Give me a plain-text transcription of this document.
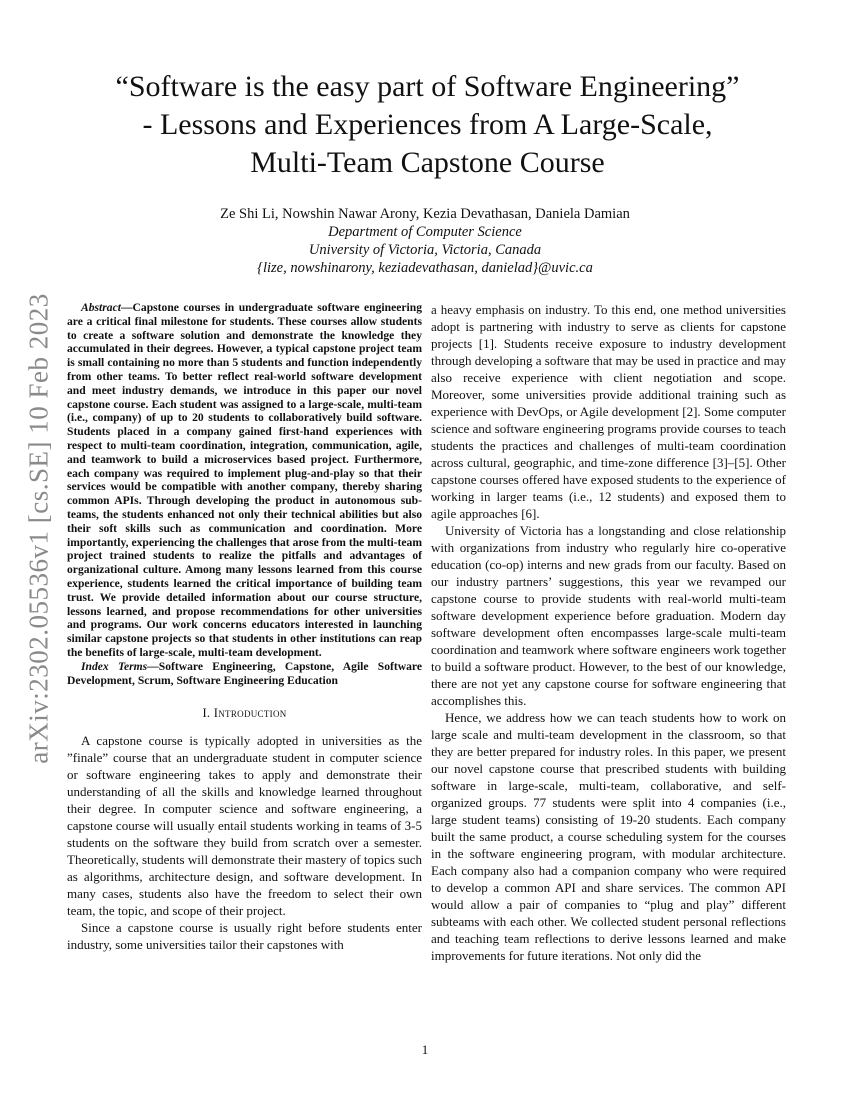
arXiv:2302.05536v1 [cs.SE] 10 Feb 2023
“Software is the easy part of Software Engineering”
- Lessons and Experiences from A Large-Scale,
Multi-Team Capstone Course
Ze Shi Li, Nowshin Nawar Arony, Kezia Devathasan, Daniela Damian
Department of Computer Science
University of Victoria, Victoria, Canada
{lize, nowshinarony, keziadevathasan, danielad}@uvic.ca

Abstract—Capstone courses in undergraduate software engineering are a critical final milestone for students. These courses allow students to create a software solution and demonstrate the knowledge they accumulated in their degrees. However, a typical capstone project team is small containing no more than 5 students and function independently from other teams. To better reflect real-world software development and meet industry demands, we introduce in this paper our novel capstone course. Each student was assigned to a large-scale, multi-team (i.e., company) of up to 20 students to collaboratively build software. Students placed in a company gained first-hand experiences with respect to multi-team coordination, integration, communication, agile, and teamwork to build a microservices based project. Furthermore, each company was required to implement plug-and-play so that their services would be compatible with another company, thereby sharing common APIs. Through developing the product in autonomous sub-teams, the students enhanced not only their technical abilities but also their soft skills such as communication and coordination. More importantly, experiencing the challenges that arose from the multi-team project trained students to realize the pitfalls and advantages of organizational culture. Among many lessons learned from this course experience, students learned the critical importance of building team trust. We provide detailed information about our course structure, lessons learned, and propose recommendations for other universities and programs. Our work concerns educators interested in launching similar capstone projects so that students in other institutions can reap the benefits of large-scale, multi-team development.

Index Terms—Software Engineering, Capstone, Agile Software Development, Scrum, Software Engineering Education

I. Introduction

A capstone course is typically adopted in universities as the ”finale” course that an undergraduate student in computer science or software engineering takes to apply and demonstrate their understanding of all the skills and knowledge learned throughout their degree. In computer science and software engineering, a capstone course will usually entail students working in teams of 3-5 students on the software they build from scratch over a semester. Theoretically, students will demonstrate their mastery of topics such as algorithms, architecture design, and software development. In many cases, students also have the freedom to select their own team, the topic, and scope of their project.

Since a capstone course is usually right before students enter industry, some universities tailor their capstones with

a heavy emphasis on industry. To this end, one method universities adopt is partnering with industry to serve as clients for capstone projects [1]. Students receive exposure to industry development through developing a software that may be used in practice and may also receive experience with client negotiation and scope. Moreover, some universities provide additional training such as experience with DevOps, or Agile development [2]. Some computer science and software engineering programs provide courses to teach students the practices and challenges of multi-team coordination across cultural, geographic, and time-zone difference [3]–[5]. Other capstone courses offered have exposed students to the experience of working in larger teams (i.e., 12 students) and exposed them to agile approaches [6].

University of Victoria has a longstanding and close relationship with organizations from industry who regularly hire co-operative education (co-op) interns and new grads from our faculty. Based on our industry partners’ suggestions, this year we revamped our capstone course to provide students with real-world multi-team software development experience before graduation. Modern day software development often encompasses large-scale multi-team coordination and teamwork where software engineers work together to build a software product. However, to the best of our knowledge, there are not yet any capstone course for software engineering that accomplishes this.

Hence, we address how we can teach students how to work on large scale and multi-team development in the classroom, so that they are better prepared for industry roles. In this paper, we present our novel capstone course that prescribed students with building software in large-scale, multi-team, collaborative, and self-organized groups. 77 students were split into 4 companies (i.e., large student teams) consisting of 19-20 students. Each company built the same product, a course scheduling system for the courses in the software engineering program, with modular architecture. Each company also had a companion company who were required to develop a common API and share services. The common API would allow a pair of companies to “plug and play” different subteams with each other. We collected student personal reflections and teaching team reflections to derive lessons learned and make improvements for future iterations. Not only did the

1
